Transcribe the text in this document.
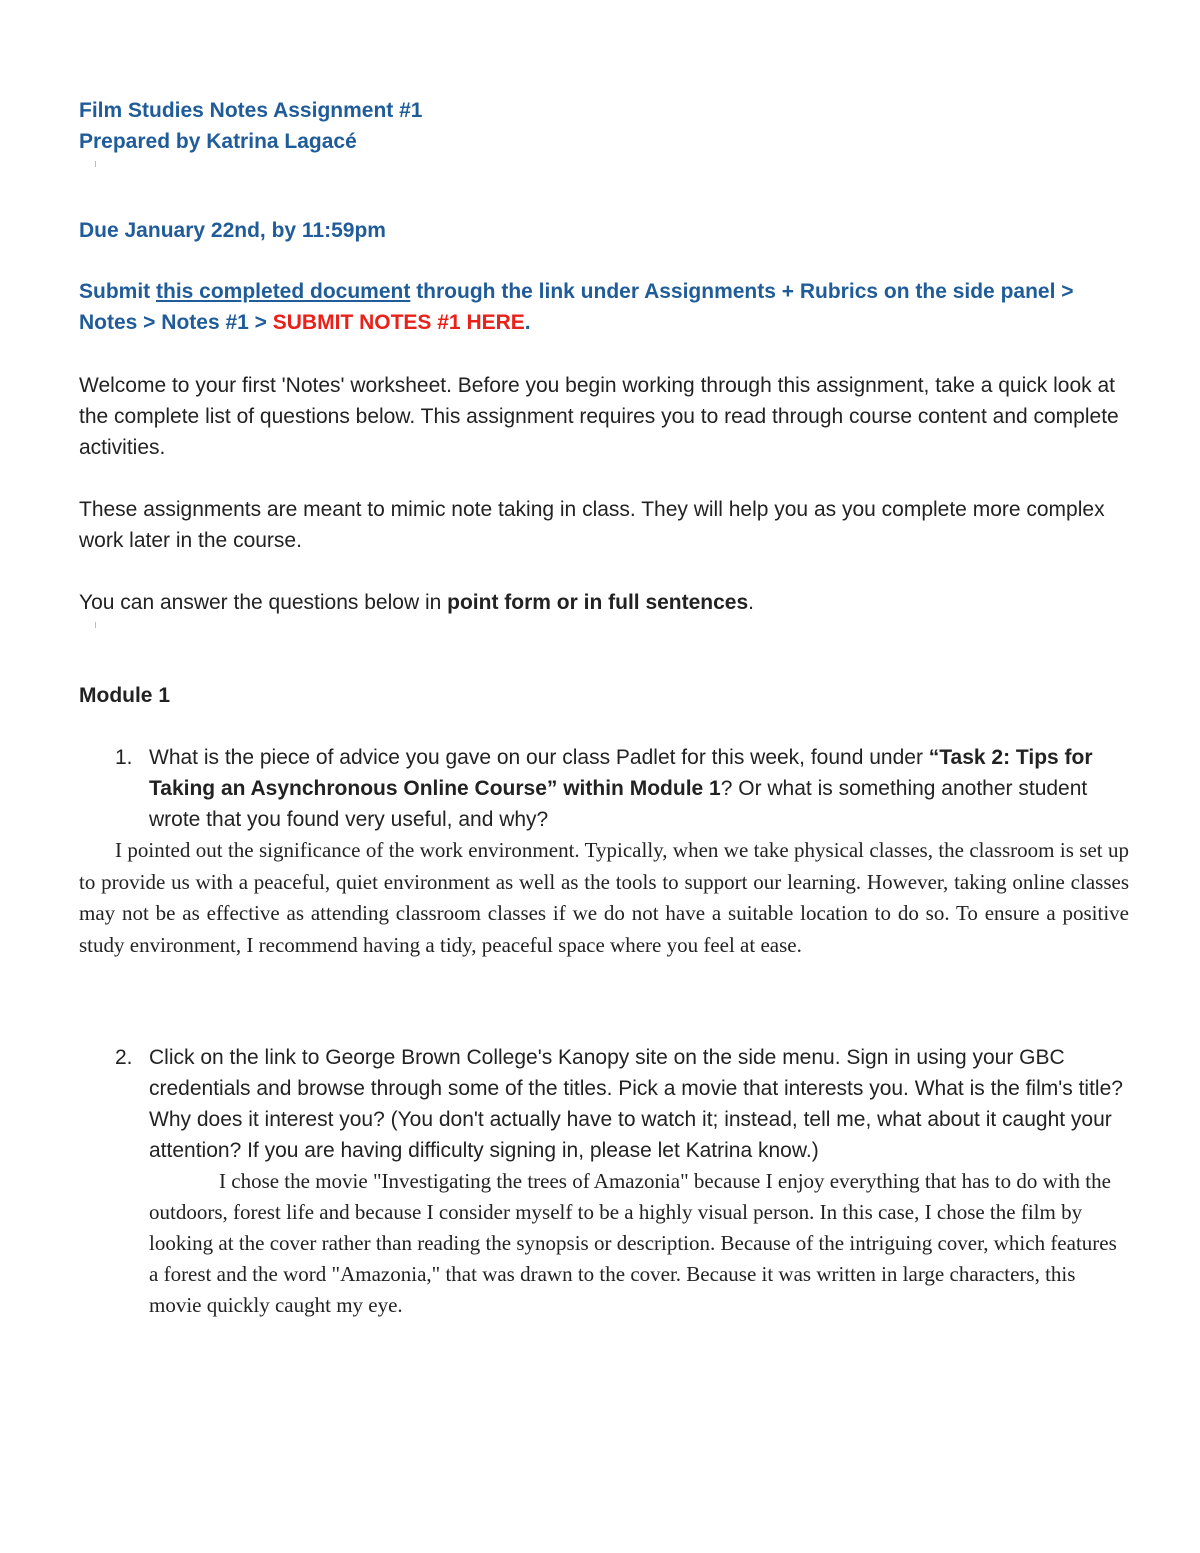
Film Studies Notes Assignment #1
Prepared by Katrina Lagacé
Due January 22nd, by 11:59pm
Submit this completed document through the link under Assignments + Rubrics on the side panel > Notes > Notes #1 > SUBMIT NOTES #1 HERE.

Welcome to your first 'Notes' worksheet. Before you begin working through this assignment, take a quick look at the complete list of questions below. This assignment requires you to read through course content and complete activities.

These assignments are meant to mimic note taking in class. They will help you as you complete more complex work later in the course.

You can answer the questions below in point form or in full sentences.

Module 1
1. What is the piece of advice you gave on our class Padlet for this week, found under “Task 2: Tips for Taking an Asynchronous Online Course” within Module 1? Or what is something another student wrote that you found very useful, and why?

I pointed out the significance of the work environment. Typically, when we take physical classes, the classroom is set up to provide us with a peaceful, quiet environment as well as the tools to support our learning. However, taking online classes may not be as effective as attending classroom classes if we do not have a suitable location to do so. To ensure a positive study environment, I recommend having a tidy, peaceful space where you feel at ease.

2. Click on the link to George Brown College's Kanopy site on the side menu. Sign in using your GBC credentials and browse through some of the titles. Pick a movie that interests you. What is the film's title? Why does it interest you? (You don't actually have to watch it; instead, tell me, what about it caught your attention? If you are having difficulty signing in, please let Katrina know.)

I chose the movie "Investigating the trees of Amazonia" because I enjoy everything that has to do with the outdoors, forest life and because I consider myself to be a highly visual person. In this case, I chose the film by looking at the cover rather than reading the synopsis or description. Because of the intriguing cover, which features a forest and the word "Amazonia," that was drawn to the cover. Because it was written in large characters, this movie quickly caught my eye.
